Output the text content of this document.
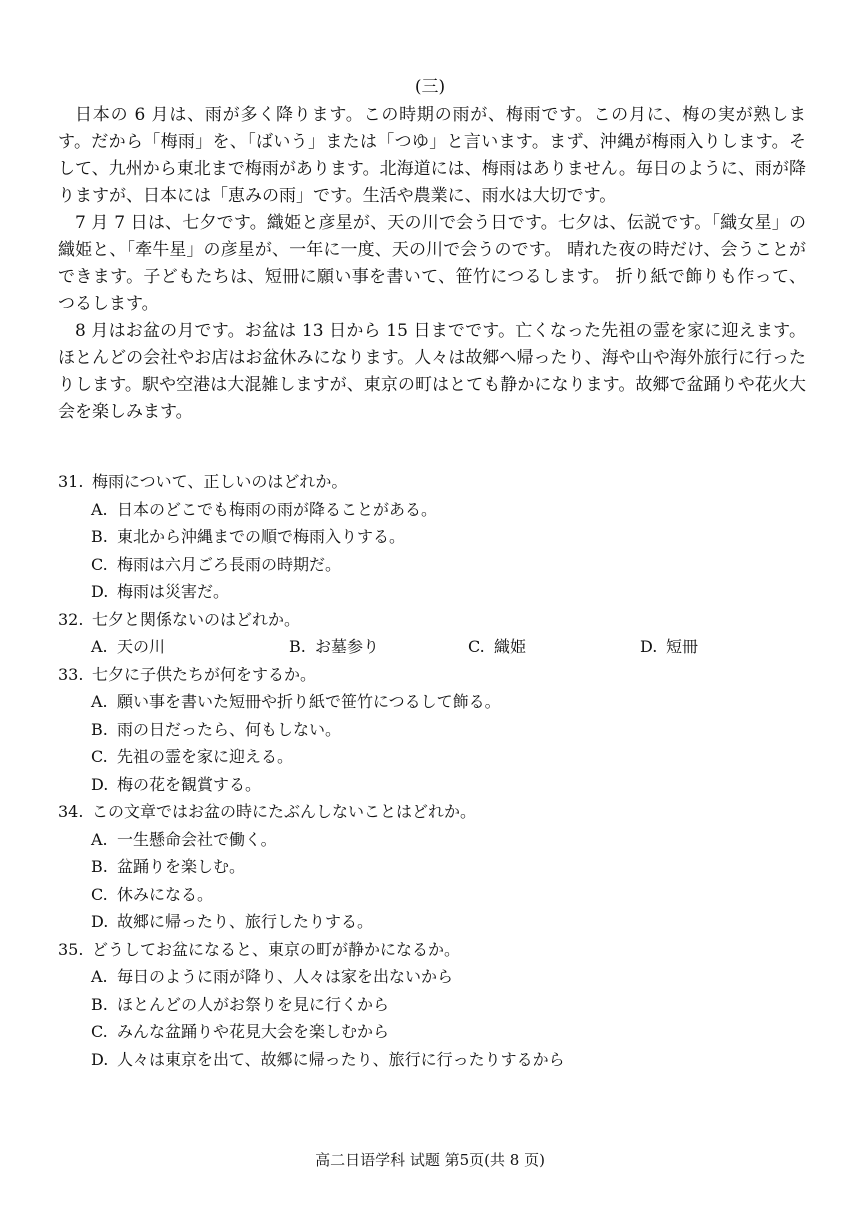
(三)

日本の 6 月は、雨が多く降ります。この時期の雨が、梅雨です。この月に、梅の実が熟します。だから「梅雨」を、「ばいう」または「つゆ」と言います。まず、沖縄が梅雨入りします。そして、九州から東北まで梅雨があります。北海道には、梅雨はありません。毎日のように、雨が降りますが、日本には「恵みの雨」です。生活や農業に、雨水は大切です。

7 月 7 日は、七夕です。織姫と彦星が、天の川で会う日です。七夕は、伝説です。「織女星」の織姫と、「牽牛星」の彦星が、一年に一度、天の川で会うのです。 晴れた夜の時だけ、会うことができます。子どもたちは、短冊に願い事を書いて、笹竹につるします。 折り紙で飾りも作って、つるします。

8 月はお盆の月です。お盆は 13 日から 15 日までです。亡くなった先祖の霊を家に迎えます。ほとんどの会社やお店はお盆休みになります。人々は故郷へ帰ったり、海や山や海外旅行に行ったりします。駅や空港は大混雑しますが、東京の町はとても静かになります。故郷で盆踊りや花火大会を楽しみます。

31. 梅雨について、正しいのはどれか。
A. 日本のどこでも梅雨の雨が降ることがある。
B. 東北から沖縄までの順で梅雨入りする。
C. 梅雨は六月ごろ長雨の時期だ。
D. 梅雨は災害だ。
32. 七夕と関係ないのはどれか。
A. 天の川	B. お墓参り	C. 織姫	D. 短冊
33. 七夕に子供たちが何をするか。
A. 願い事を書いた短冊や折り紙で笹竹につるして飾る。
B. 雨の日だったら、何もしない。
C. 先祖の霊を家に迎える。
D. 梅の花を観賞する。
34. この文章ではお盆の時にたぶんしないことはどれか。
A. 一生懸命会社で働く。
B. 盆踊りを楽しむ。
C. 休みになる。
D. 故郷に帰ったり、旅行したりする。
35. どうしてお盆になると、東京の町が静かになるか。
A. 毎日のように雨が降り、人々は家を出ないから
B. ほとんどの人がお祭りを見に行くから
C. みんな盆踊りや花見大会を楽しむから
D. 人々は東京を出て、故郷に帰ったり、旅行に行ったりするから
高二日语学科 试题 第5页(共 8 页)
